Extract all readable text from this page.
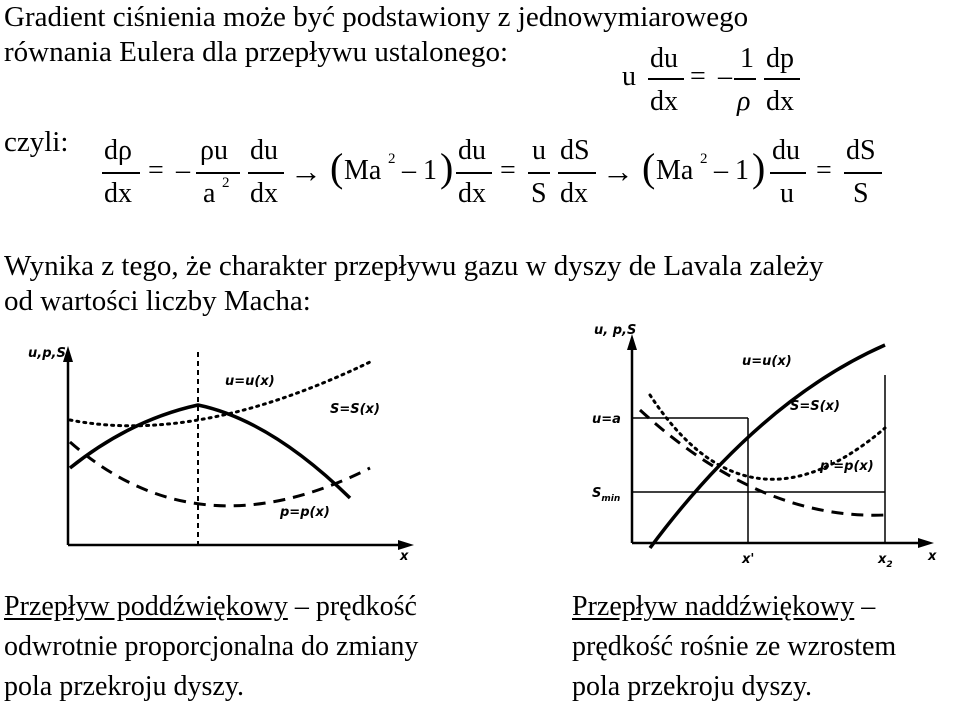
Gradient ciśnienia może być podstawiony z jednowymiarowego
równania Eulera dla przepływu ustalonego:
u
du
dx
= –
1
ρ
dp
dx
czyli: dρ
dx
= –
ρu
a 2
du
dx
→ ( Ma 2 – 1 ) du
dx
=
u
S
dS
dx
→ ( Ma 2 – 1 ) du
u
=
dS
S
Wynika z tego, że charakter przepływu gazu w dyszy de Lavala zależy
od wartości liczby Macha:
u,p,S
x
u=u(x)
S=S(x)
p=p(x)
u, p,S
x
u=u(x)
S=S(x)
p'=p(x)
u=a
$S_{min}$
x'	$x_2$
Przepływ poddźwiękowy – prędkość
odwrotnie proporcjonalna do zmiany
pola przekroju dyszy.
Przepływ naddźwiękowy –
prędkość rośnie ze wzrostem
pola przekroju dyszy.
